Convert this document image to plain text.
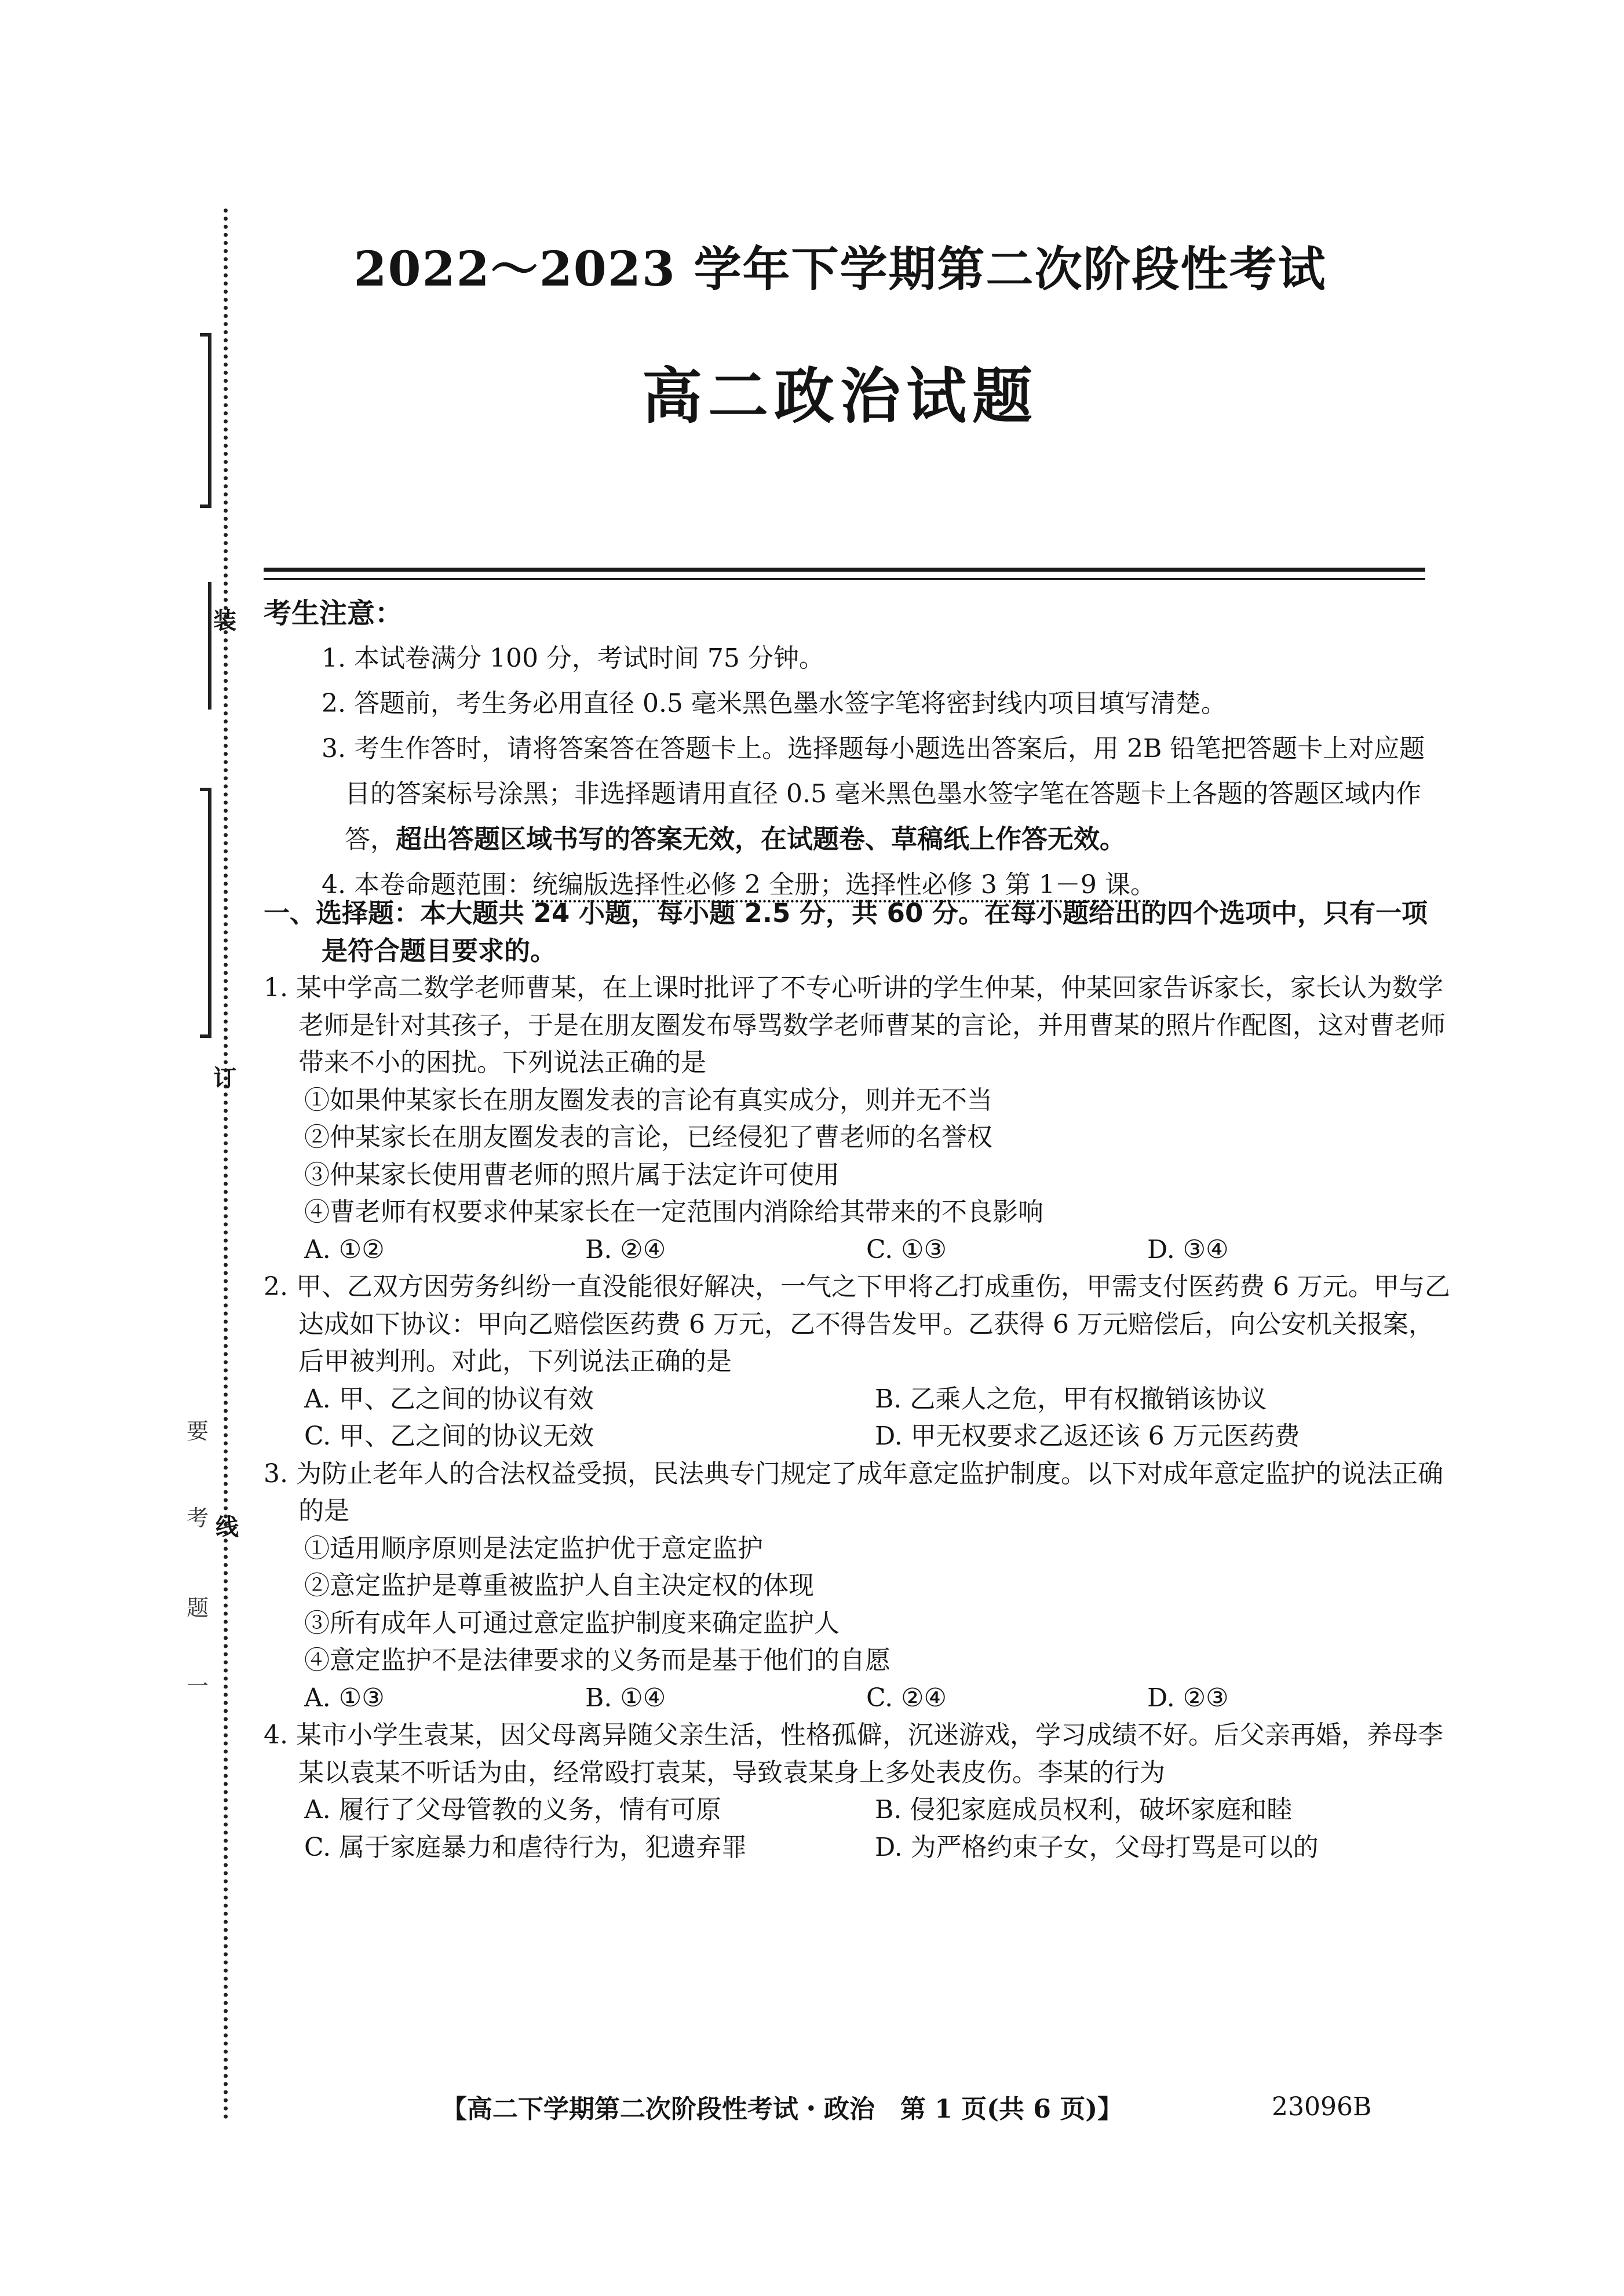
装
订
线
要
考
题
一
2022～2023 学年下学期第二次阶段性考试
高二政治试题
考生注意：
1. 本试卷满分 100 分，考试时间 75 分钟。
2. 答题前，考生务必用直径 0.5 毫米黑色墨水签字笔将密封线内项目填写清楚。
3. 考生作答时，请将答案答在答题卡上。选择题每小题选出答案后，用 2B 铅笔把答题卡上对应题目的答案标号涂黑；非选择题请用直径 0.5 毫米黑色墨水签字笔在答题卡上各题的答题区域内作答，超出答题区域书写的答案无效，在试题卷、草稿纸上作答无效。
4. 本卷命题范围：统编版选择性必修 2 全册；选择性必修 3 第 1－9 课。
一、选择题：本大题共 24 小题，每小题 2.5 分，共 60 分。在每小题给出的四个选项中，只有一项
是符合题目要求的。
1. 某中学高二数学老师曹某，在上课时批评了不专心听讲的学生仲某，仲某回家告诉家长，家长认为数学老师是针对其孩子，于是在朋友圈发布辱骂数学老师曹某的言论，并用曹某的照片作配图，这对曹老师带来不小的困扰。下列说法正确的是
①如果仲某家长在朋友圈发表的言论有真实成分，则并无不当
②仲某家长在朋友圈发表的言论，已经侵犯了曹老师的名誉权
③仲某家长使用曹老师的照片属于法定许可使用
④曹老师有权要求仲某家长在一定范围内消除给其带来的不良影响
A. ①②	B. ②④	C. ①③	D. ③④
2. 甲、乙双方因劳务纠纷一直没能很好解决，一气之下甲将乙打成重伤，甲需支付医药费 6 万元。甲与乙达成如下协议：甲向乙赔偿医药费 6 万元，乙不得告发甲。乙获得 6 万元赔偿后，向公安机关报案，后甲被判刑。对此，下列说法正确的是
A. 甲、乙之间的协议有效	B. 乙乘人之危，甲有权撤销该协议
C. 甲、乙之间的协议无效	D. 甲无权要求乙返还该 6 万元医药费
3. 为防止老年人的合法权益受损，民法典专门规定了成年意定监护制度。以下对成年意定监护的说法正确的是
①适用顺序原则是法定监护优于意定监护
②意定监护是尊重被监护人自主决定权的体现
③所有成年人可通过意定监护制度来确定监护人
④意定监护不是法律要求的义务而是基于他们的自愿
A. ①③	B. ①④	C. ②④	D. ②③
4. 某市小学生袁某，因父母离异随父亲生活，性格孤僻，沉迷游戏，学习成绩不好。后父亲再婚，养母李某以袁某不听话为由，经常殴打袁某，导致袁某身上多处表皮伤。李某的行为
A. 履行了父母管教的义务，情有可原	B. 侵犯家庭成员权利，破坏家庭和睦
C. 属于家庭暴力和虐待行为，犯遗弃罪	D. 为严格约束子女，父母打骂是可以的
【高二下学期第二次阶段性考试・政治　第 1 页(共 6 页)】	23096B
